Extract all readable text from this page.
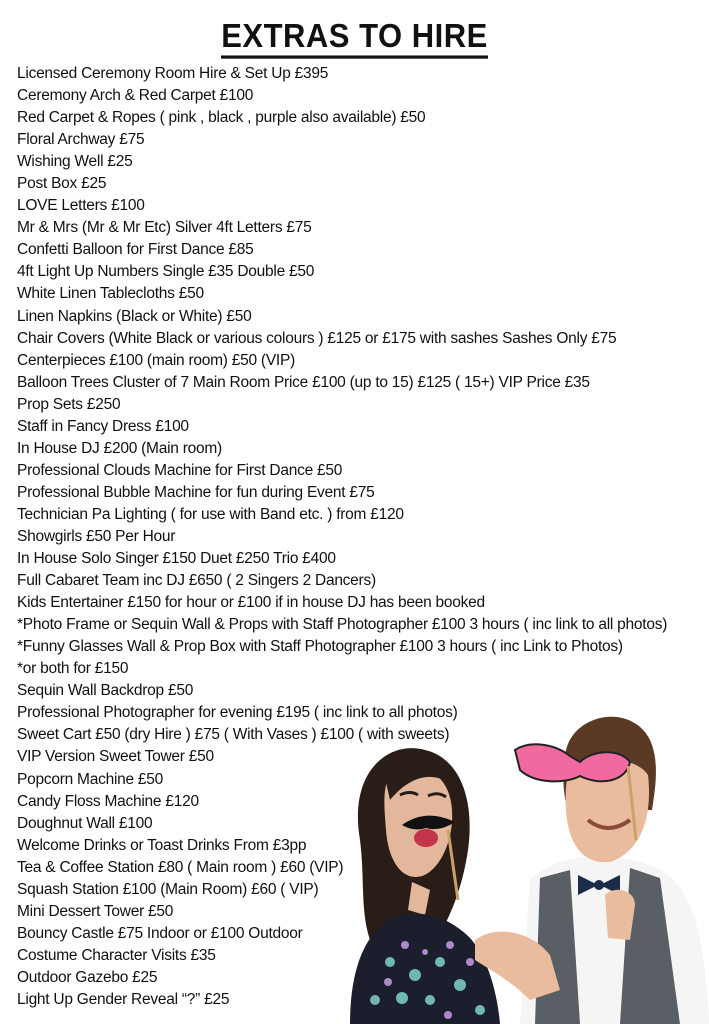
EXTRAS TO HIRE
Licensed Ceremony Room Hire & Set Up £395
Ceremony Arch & Red Carpet £100
Red Carpet & Ropes ( pink , black , purple also available) £50
Floral Archway £75
Wishing Well £25
Post Box £25
LOVE Letters £100
Mr & Mrs (Mr & Mr Etc) Silver 4ft Letters £75
Confetti Balloon for First Dance £85
4ft Light Up Numbers Single £35 Double £50
White Linen Tablecloths £50
Linen Napkins (Black or White) £50
Chair Covers (White Black or various colours ) £125 or £175 with sashes Sashes Only £75
Centerpieces £100 (main room) £50 (VIP)
Balloon Trees Cluster of 7 Main Room Price £100 (up to 15) £125 ( 15+) VIP Price £35
Prop Sets £250
Staff in Fancy Dress £100
In House DJ £200 (Main room)
Professional Clouds Machine for First Dance £50
Professional Bubble Machine for fun during Event £75
Technician Pa Lighting ( for use with Band etc. ) from £120
Showgirls £50 Per Hour
In House Solo Singer £150 Duet £250 Trio £400
Full Cabaret Team inc DJ £650 ( 2 Singers 2 Dancers)
Kids Entertainer £150 for hour or £100 if in house DJ has been booked
*Photo Frame or Sequin Wall & Props with Staff Photographer £100 3 hours ( inc link to all photos)
*Funny Glasses Wall & Prop Box with Staff Photographer £100 3 hours ( inc Link to Photos)
*or both for £150
Sequin Wall Backdrop £50
Professional Photographer for evening £195 ( inc link to all photos)
Sweet Cart £50 (dry Hire ) £75 ( With Vases ) £100 ( with sweets)
VIP Version Sweet Tower £50
Popcorn Machine £50
Candy Floss Machine £120
Doughnut Wall £100
Welcome Drinks or Toast Drinks From £3pp
Tea & Coffee Station £80 ( Main room ) £60 (VIP)
Squash Station £100 (Main Room) £60 ( VIP)
Mini Dessert Tower £50
Bouncy Castle £75 Indoor or £100 Outdoor
Costume Character Visits £35
Outdoor Gazebo £25
Light Up Gender Reveal “?” £25
